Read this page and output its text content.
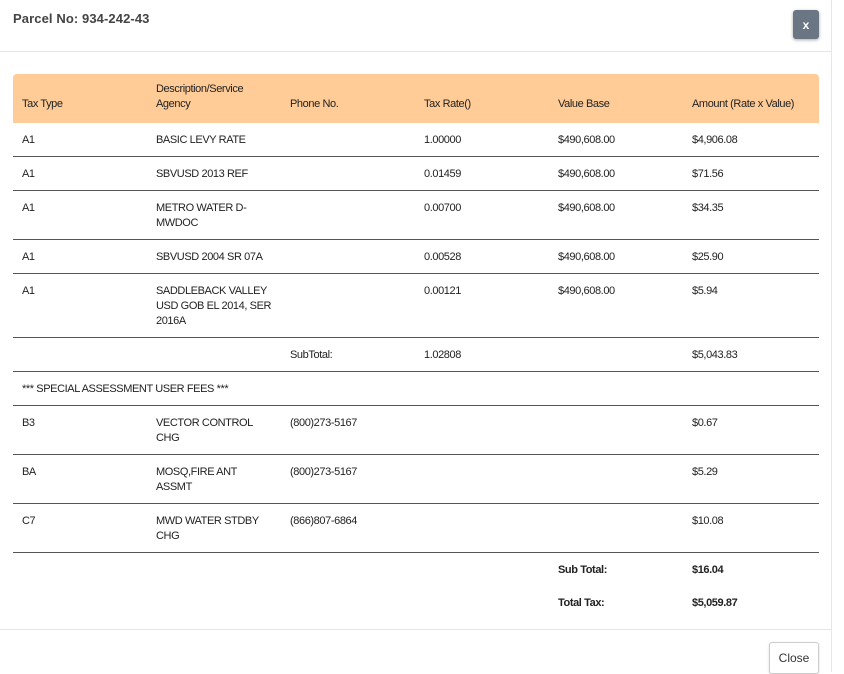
Parcel No: 934-242-43	x
Tax Type	Description/Service Agency	Phone No.	Tax Rate()	Value Base	Amount (Rate x Value)
A1	BASIC LEVY RATE		1.00000	$490,608.00	$4,906.08
A1	SBVUSD 2013 REF		0.01459	$490,608.00	$71.56
A1	METRO WATER D-MWDOC		0.00700	$490,608.00	$34.35
A1	SBVUSD 2004 SR 07A		0.00528	$490,608.00	$25.90
A1	SADDLEBACK VALLEY USD GOB EL 2014, SER 2016A		0.00121	$490,608.00	$5.94
		SubTotal:	1.02808		$5,043.83
*** SPECIAL ASSESSMENT USER FEES ***					
B3	VECTOR CONTROL CHG	(800)273-5167			$0.67
BA	MOSQ,FIRE ANT ASSMT	(800)273-5167			$5.29
C7	MWD WATER STDBY CHG	(866)807-6864			$10.08
				Sub Total:	$16.04
				Total Tax:	$5,059.87
Close
